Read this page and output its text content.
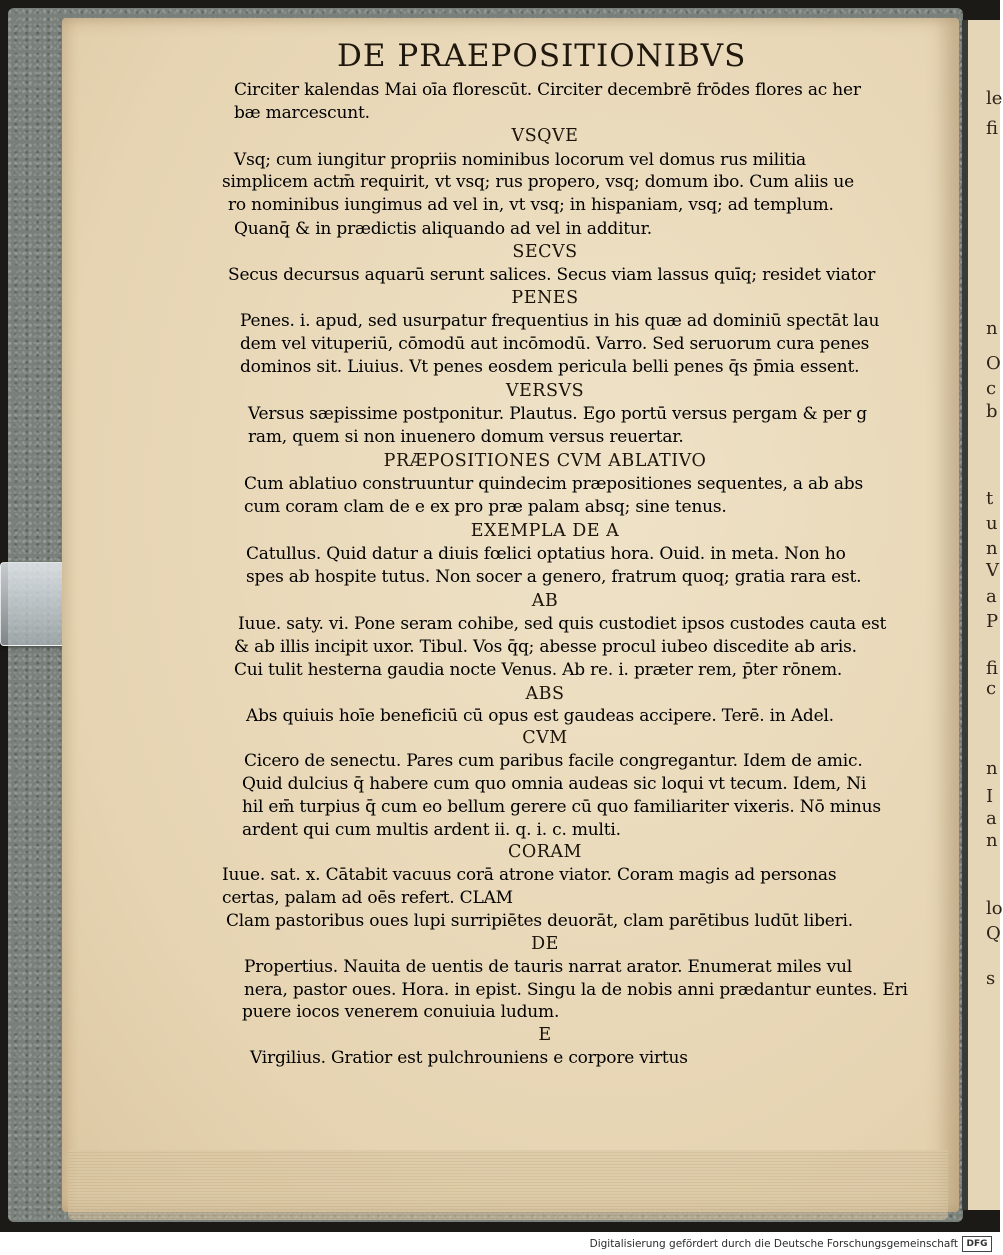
le
fi
n
O
c
b
t
u
n
V
a
P
fi
c
n
I
a
n
lo
Q
s
DE PRAEPOSITIONIBVS
Circiter kalendas Mai oīa florescūt. Circiter decembrē frōdes flores ac her
bæ marcescunt.
VSQVE
Vsq; cum iungitur propriis nominibus locorum vel domus rus militia
simplicem actm̄ requirit, vt vsq; rus propero, vsq; domum ibo. Cum aliis ue
ro nominibus iungimus ad vel in, vt vsq; in hispaniam, vsq; ad templum.
Quanq̄ & in prædictis aliquando ad vel in additur.
SECVS
Secus decursus aquarū serunt salices. Secus viam lassus quīq; residet viator
PENES
Penes. i. apud, sed usurpatur frequentius in his quæ ad dominiū spectāt lau
dem vel vituperiū, cōmodū aut incōmodū. Varro. Sed seruorum cura penes
dominos sit. Liuius. Vt penes eosdem pericula belli penes q̄s p̄mia essent.
VERSVS
Versus sæpissime postponitur. Plautus. Ego portū versus pergam & per g
ram, quem si non inuenero domum versus reuertar.
PRÆPOSITIONES CVM ABLATIVO
Cum ablatiuo construuntur quindecim præpositiones sequentes, a ab abs
cum coram clam de e ex pro præ palam absq; sine tenus.
EXEMPLA DE A
Catullus. Quid datur a diuis fœlici optatius hora. Ouid. in meta. Non ho
spes ab hospite tutus. Non socer a genero, fratrum quoq; gratia rara est.
AB
Iuue. saty. vi. Pone seram cohibe, sed quis custodiet ipsos custodes cauta est
& ab illis incipit uxor. Tibul. Vos q̄q; abesse procul iubeo discedite ab aris.
Cui tulit hesterna gaudia nocte Venus. Ab re. i. præter rem, p̄ter rōnem.
ABS
Abs quiuis hoīe beneficiū cū opus est gaudeas accipere. Terē. in Adel.
CVM
Cicero de senectu. Pares cum paribus facile congregantur. Idem de amic.
Quid dulcius q̄ habere cum quo omnia audeas sic loqui vt tecum. Idem, Ni
hil em̄ turpius q̄ cum eo bellum gerere cū quo familiariter vixeris. Nō minus
ardent qui cum multis ardent ii. q. i. c. multi.
CORAM
Iuue. sat. x. Cātabit vacuus corā atrone viator. Coram magis ad personas
certas, palam ad oēs refert. CLAM
Clam pastoribus oues lupi surripiētes deuorāt, clam parētibus ludūt liberi.
DE
Propertius. Nauita de uentis de tauris narrat arator. Enumerat miles vul
nera, pastor oues. Hora. in epist. Singu la de nobis anni prædantur euntes. Eri
puere iocos venerem conuiuia ludum.
E
Virgilius. Gratior est pulchrouniens e corpore virtus
Digitalisierung gefördert durch die Deutsche Forschungsgemeinschaft DFG
